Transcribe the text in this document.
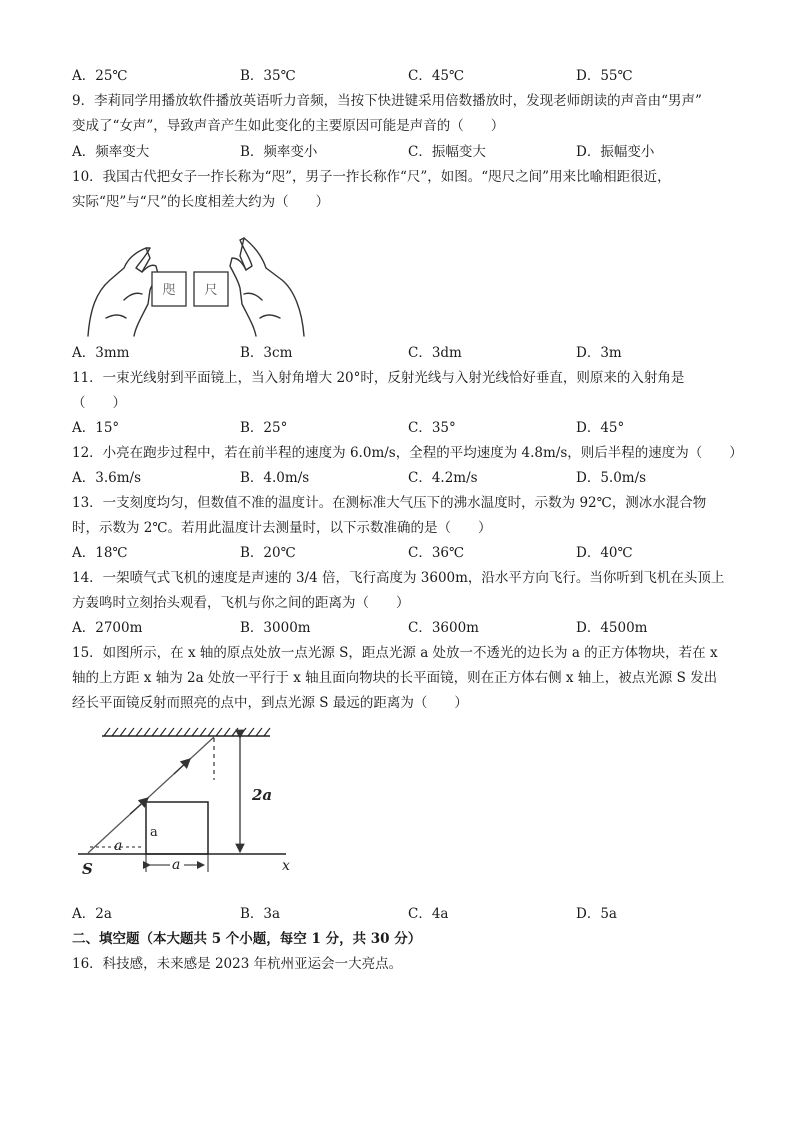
A．25℃	B．35℃	C．45℃	D．55℃
9．李莉同学用播放软件播放英语听力音频，当按下快进键采用倍数播放时，发现老师朗读的声音由“男声”
变成了“女声”，导致声音产生如此变化的主要原因可能是声音的（　　）
A．频率变大	B．频率变小	C．振幅变大	D．振幅变小
10．我国古代把女子一拃长称为“咫”，男子一拃长称作“尺”，如图。“咫尺之间”用来比喻相距很近，
实际“咫”与“尺”的长度相差大约为（　　）
咫 尺
A．3mm	B．3cm	C．3dm	D．3m
11．一束光线射到平面镜上，当入射角增大 20°时，反射光线与入射光线恰好垂直，则原来的入射角是
（　　）
A．15°	B．25°	C．35°	D．45°
12．小亮在跑步过程中，若在前半程的速度为 6.0m/s，全程的平均速度为 4.8m/s，则后半程的速度为（　　）
A．3.6m/s	B．4.0m/s	C．4.2m/s	D．5.0m/s
13．一支刻度均匀，但数值不准的温度计。在测标准大气压下的沸水温度时，示数为 92℃，测冰水混合物
时，示数为 2℃。若用此温度计去测量时，以下示数准确的是（　　）
A．18℃	B．20℃	C．36℃	D．40℃
14．一架喷气式飞机的速度是声速的 3/4 倍，飞行高度为 3600m，沿水平方向飞行。当你听到飞机在头顶上
方轰鸣时立刻抬头观看，飞机与你之间的距离为（　　）
A．2700m	B．3000m	C．3600m	D．4500m
15．如图所示，在 x 轴的原点处放一点光源 S，距点光源 a 处放一不透光的边长为 a 的正方体物块，若在 x
轴的上方距 x 轴为 2a 处放一平行于 x 轴且面向物块的长平面镜，则在正方体右侧 x 轴上，被点光源 S 发出
经长平面镜反射而照亮的点中，到点光源 S 最远的距离为（　　）
2a
a
a
a
S	x
A．2a	B．3a	C．4a	D．5a
二、填空题（本大题共 5 个小题，每空 1 分，共 30 分）
16．科技感，未来感是 2023 年杭州亚运会一大亮点。
